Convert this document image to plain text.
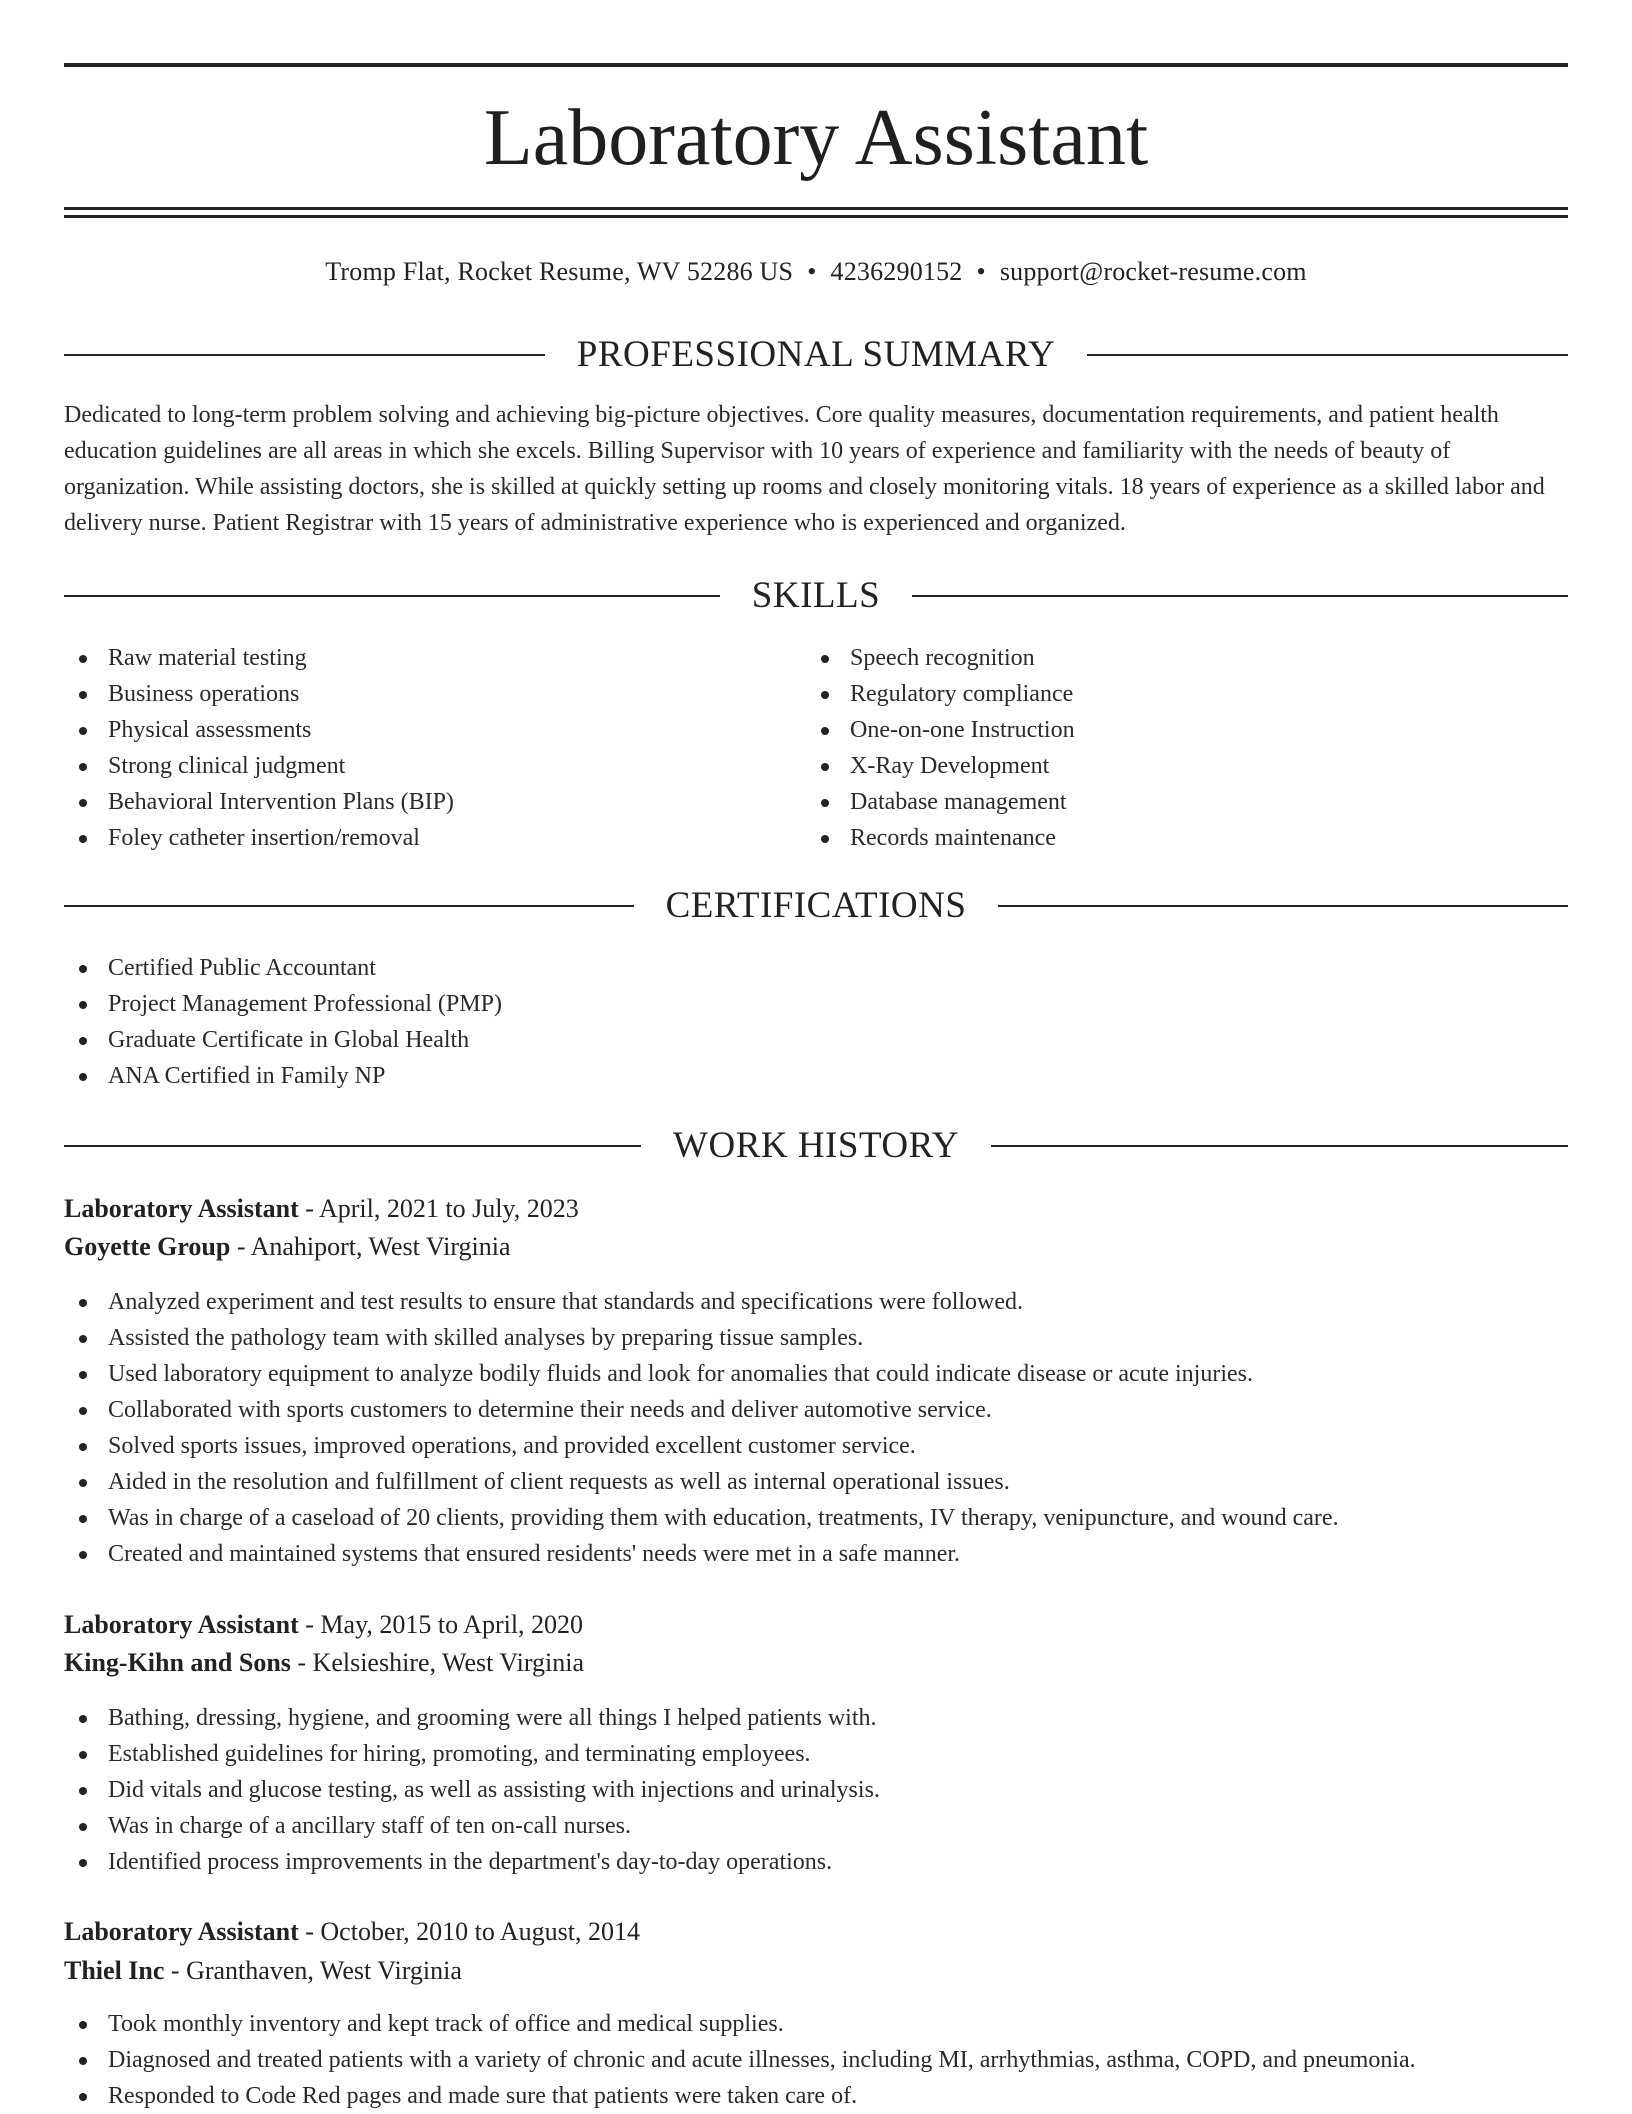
Laboratory Assistant
Tromp Flat, Rocket Resume, WV 52286 US • 4236290152 • support@rocket-resume.com
PROFESSIONAL SUMMARY

Dedicated to long-term problem solving and achieving big-picture objectives. Core quality measures, documentation requirements, and patient health education guidelines are all areas in which she excels. Billing Supervisor with 10 years of experience and familiarity with the needs of beauty of organization. While assisting doctors, she is skilled at quickly setting up rooms and closely monitoring vitals. 18 years of experience as a skilled labor and delivery nurse. Patient Registrar with 15 years of administrative experience who is experienced and organized.

SKILLS
Raw material testing
Business operations
Physical assessments
Strong clinical judgment
Behavioral Intervention Plans (BIP)
Foley catheter insertion/removal
Speech recognition
Regulatory compliance
One-on-one Instruction
X-Ray Development
Database management
Records maintenance
CERTIFICATIONS
Certified Public Accountant
Project Management Professional (PMP)
Graduate Certificate in Global Health
ANA Certified in Family NP
WORK HISTORY
Laboratory Assistant - April, 2021 to July, 2023
Goyette Group - Anahiport, West Virginia
Analyzed experiment and test results to ensure that standards and specifications were followed.
Assisted the pathology team with skilled analyses by preparing tissue samples.
Used laboratory equipment to analyze bodily fluids and look for anomalies that could indicate disease or acute injuries.
Collaborated with sports customers to determine their needs and deliver automotive service.
Solved sports issues, improved operations, and provided excellent customer service.
Aided in the resolution and fulfillment of client requests as well as internal operational issues.
Was in charge of a caseload of 20 clients, providing them with education, treatments, IV therapy, venipuncture, and wound care.
Created and maintained systems that ensured residents' needs were met in a safe manner.
Laboratory Assistant - May, 2015 to April, 2020
King-Kihn and Sons - Kelsieshire, West Virginia
Bathing, dressing, hygiene, and grooming were all things I helped patients with.
Established guidelines for hiring, promoting, and terminating employees.
Did vitals and glucose testing, as well as assisting with injections and urinalysis.
Was in charge of a ancillary staff of ten on-call nurses.
Identified process improvements in the department's day-to-day operations.
Laboratory Assistant - October, 2010 to August, 2014
Thiel Inc - Granthaven, West Virginia
Took monthly inventory and kept track of office and medical supplies.
Diagnosed and treated patients with a variety of chronic and acute illnesses, including MI, arrhythmias, asthma, COPD, and pneumonia.
Responded to Code Red pages and made sure that patients were taken care of.
